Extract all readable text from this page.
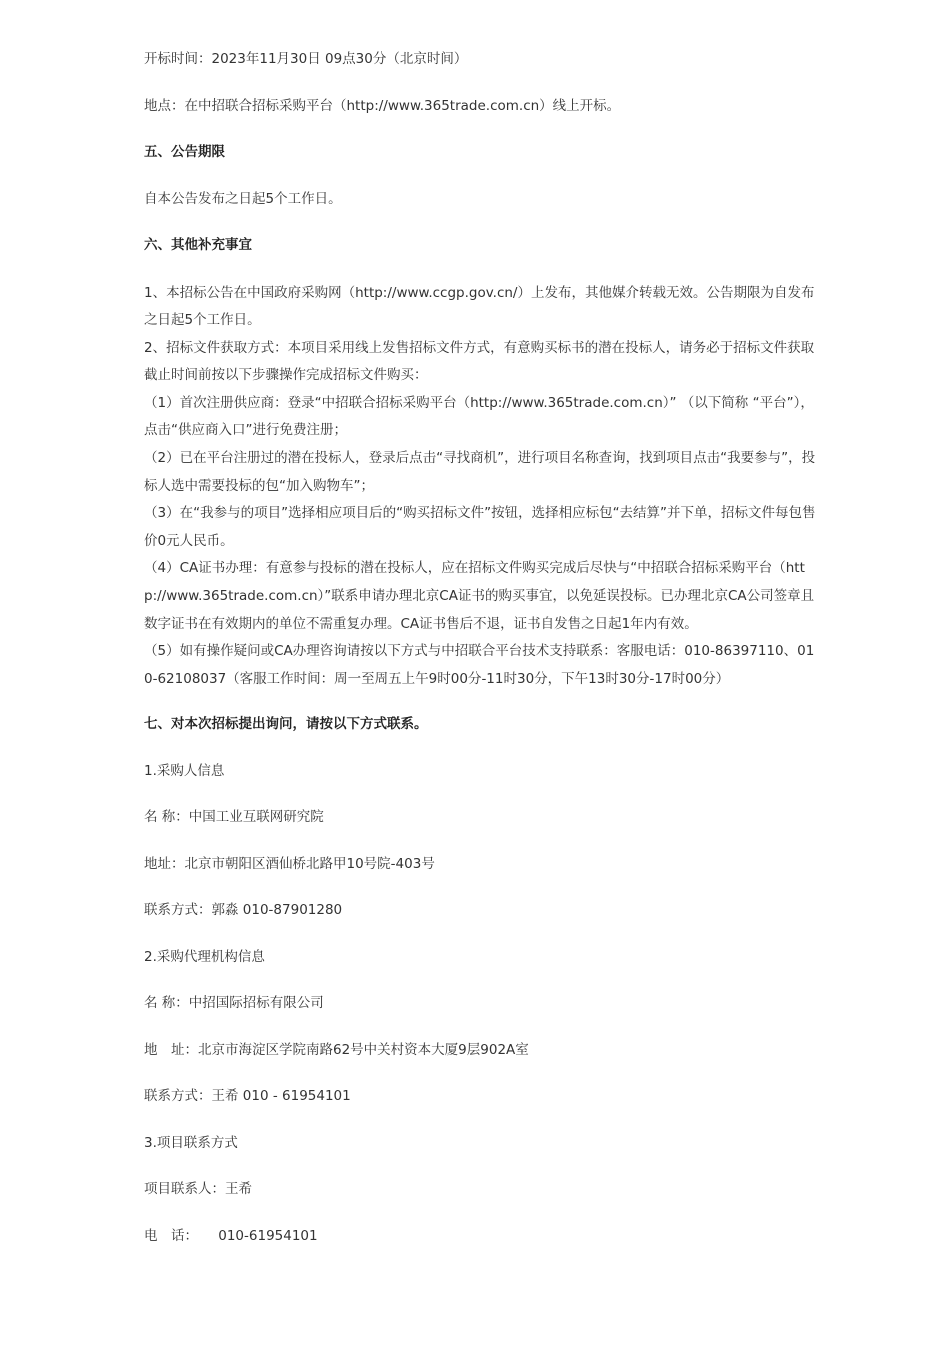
开标时间：2023年11月30日 09点30分（北京时间）

地点：在中招联合招标采购平台（http://www.365trade.com.cn）线上开标。

五、公告期限

自本公告发布之日起5个工作日。

六、其他补充事宜

1、本招标公告在中国政府采购网（http://www.ccgp.gov.cn/）上发布，其他媒介转载无效。公告期限为自发布之日起5个工作日。

2、招标文件获取方式：本项目采用线上发售招标文件方式，有意购买标书的潜在投标人，请务必于招标文件获取截止时间前按以下步骤操作完成招标文件购买：

（1）首次注册供应商：登录“中招联合招标采购平台（http://www.365trade.com.cn）” （以下简称 “平台”），点击“供应商入口”进行免费注册；

（2）已在平台注册过的潜在投标人，登录后点击“寻找商机”，进行项目名称查询，找到项目点击“我要参与”，投标人选中需要投标的包“加入购物车”；

（3）在“我参与的项目”选择相应项目后的“购买招标文件”按钮，选择相应标包“去结算”并下单，招标文件每包售价0元人民币。

（4）CA证书办理：有意参与投标的潜在投标人，应在招标文件购买完成后尽快与“中招联合招标采购平台（http://www.365trade.com.cn）”联系申请办理北京CA证书的购买事宜，以免延误投标。已办理北京CA公司签章且数字证书在有效期内的单位不需重复办理。CA证书售后不退，证书自发售之日起1年内有效。

（5）如有操作疑问或CA办理咨询请按以下方式与中招联合平台技术支持联系：客服电话：010-86397110、010-62108037（客服工作时间：周一至周五上午9时00分-11时30分，下午13时30分-17时00分）

七、对本次招标提出询问，请按以下方式联系。

1.采购人信息

名 称：中国工业互联网研究院

地址：北京市朝阳区酒仙桥北路甲10号院-403号

联系方式：郭淼 010-87901280

2.采购代理机构信息

名 称：中招国际招标有限公司

地　址：北京市海淀区学院南路62号中关村资本大厦9层902A室

联系方式：王希 010 - 61954101

3.项目联系方式

项目联系人：王希

电　话：　　010-61954101
